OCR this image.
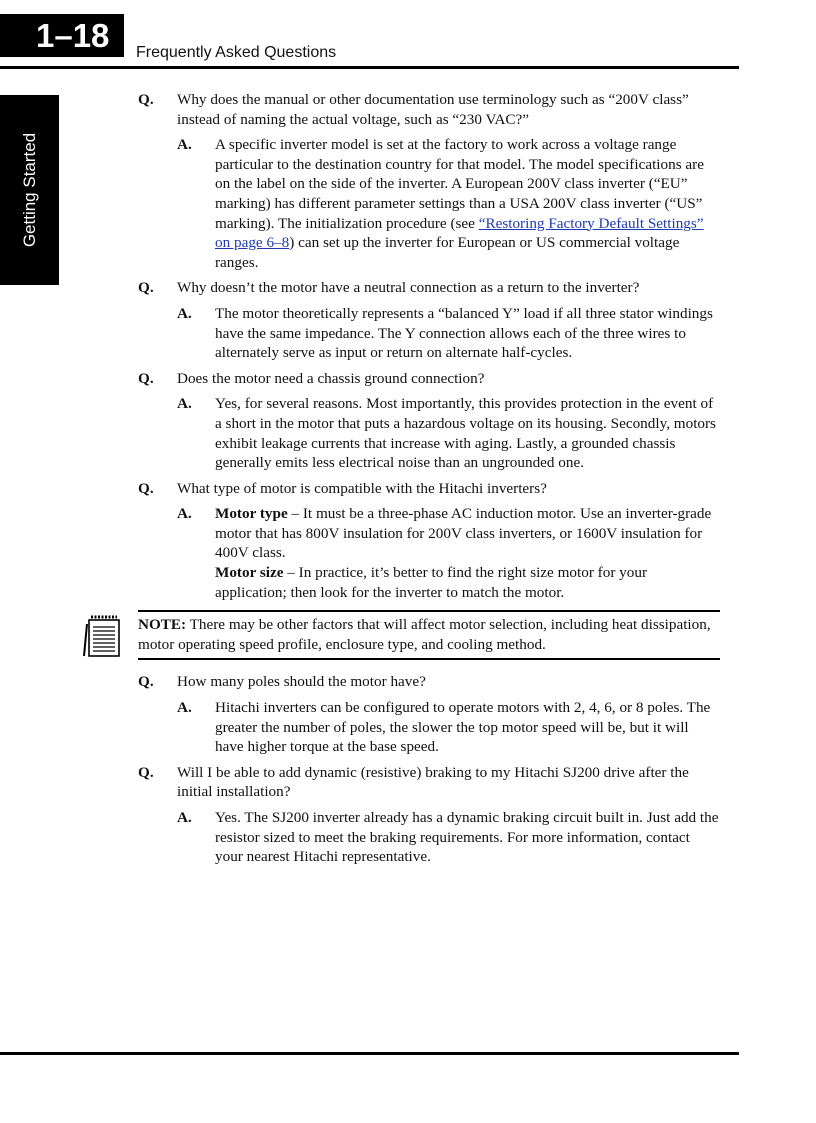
1–18	Frequently Asked Questions
Getting Started
Q.	Why does the manual or other documentation use terminology such as “200V class” instead of naming the actual voltage, such as “230 VAC?”
A.	A specific inverter model is set at the factory to work across a voltage range particular to the destination country for that model. The model specifications are on the label on the side of the inverter. A European 200V class inverter (“EU” marking) has different parameter settings than a USA 200V class inverter (“US” marking). The initialization procedure (see “Restoring Factory Default Settings” on page 6–8) can set up the inverter for European or US commercial voltage ranges.
Q.	Why doesn’t the motor have a neutral connection as a return to the inverter?
A.	The motor theoretically represents a “balanced Y” load if all three stator windings have the same impedance. The Y connection allows each of the three wires to alternately serve as input or return on alternate half-cycles.
Q.	Does the motor need a chassis ground connection?
A.	Yes, for several reasons. Most importantly, this provides protection in the event of a short in the motor that puts a hazardous voltage on its housing. Secondly, motors exhibit leakage currents that increase with aging. Lastly, a grounded chassis generally emits less electrical noise than an ungrounded one.
Q.	What type of motor is compatible with the Hitachi inverters?
A.	Motor type – It must be a three-phase AC induction motor. Use an inverter-grade motor that has 800V insulation for 200V class inverters, or 1600V insulation for 400V class.
Motor size – In practice, it’s better to find the right size motor for your application; then look for the inverter to match the motor.
NOTE: There may be other factors that will affect motor selection, including heat dissipation, motor operating speed profile, enclosure type, and cooling method.
Q.	How many poles should the motor have?
A.	Hitachi inverters can be configured to operate motors with 2, 4, 6, or 8 poles. The greater the number of poles, the slower the top motor speed will be, but it will have higher torque at the base speed.
Q.	Will I be able to add dynamic (resistive) braking to my Hitachi SJ200 drive after the initial installation?
A.	Yes. The SJ200 inverter already has a dynamic braking circuit built in. Just add the resistor sized to meet the braking requirements. For more information, contact your nearest Hitachi representative.
